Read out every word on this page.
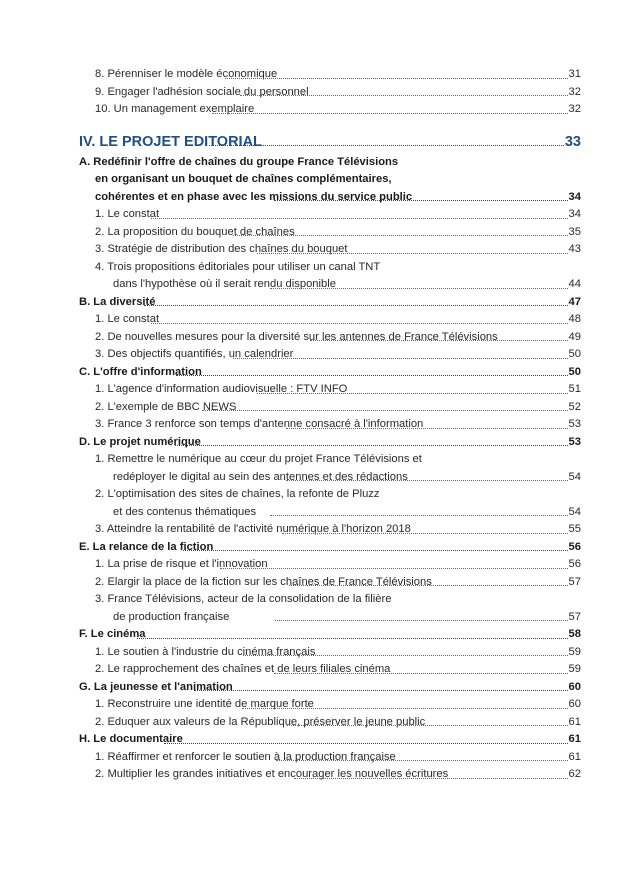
8. Pérenniser le modèle économique	31
9. Engager l'adhésion sociale du personnel	32
10. Un management exemplaire	32
IV. LE PROJET EDITORIAL	33
A. Redéfinir l'offre de chaînes du groupe France Télévisions
en organisant un bouquet de chaînes complémentaires,
cohérentes et en phase avec les missions du service public	34
1. Le constat	34
2. La proposition du bouquet de chaînes	35
3. Stratégie de distribution des chaînes du bouquet	43
4. Trois propositions éditoriales pour utiliser un canal TNT
dans l'hypothèse où il serait rendu disponible	44
B. La diversité	47
1. Le constat	48
2. De nouvelles mesures pour la diversité sur les antennes de France Télévisions	49
3. Des objectifs quantifiés, un calendrier	50
C. L'offre d'information	50
1. L'agence d'information audiovisuelle : FTV INFO	51
2. L'exemple de BBC NEWS	52
3. France 3 renforce son temps d'antenne consacré à l'information	53
D. Le projet numérique	53
1. Remettre le numérique au cœur du projet France Télévisions et
redéployer le digital au sein des antennes et des rédactions	54
2. L'optimisation des sites de chaînes, la refonte de Pluzz
et des contenus thématiques	54
3. Atteindre la rentabilité de l'activité numérique à l'horizon 2018	55
E. La relance de la fiction	56
1. La prise de risque et l'innovation	56
2. Elargir la place de la fiction sur les chaînes de France Télévisions	57
3. France Télévisions, acteur de la consolidation de la filière
de production française	57
F. Le cinéma	58
1. Le soutien à l'industrie du cinéma français	59
2. Le rapprochement des chaînes et de leurs filiales cinéma	59
G. La jeunesse et l'animation	60
1. Reconstruire une identité de marque forte	60
2. Eduquer aux valeurs de la République, préserver le jeune public	61
H. Le documentaire	61
1. Réaffirmer et renforcer le soutien à la production française	61
2. Multiplier les grandes initiatives et encourager les nouvelles écritures	62
